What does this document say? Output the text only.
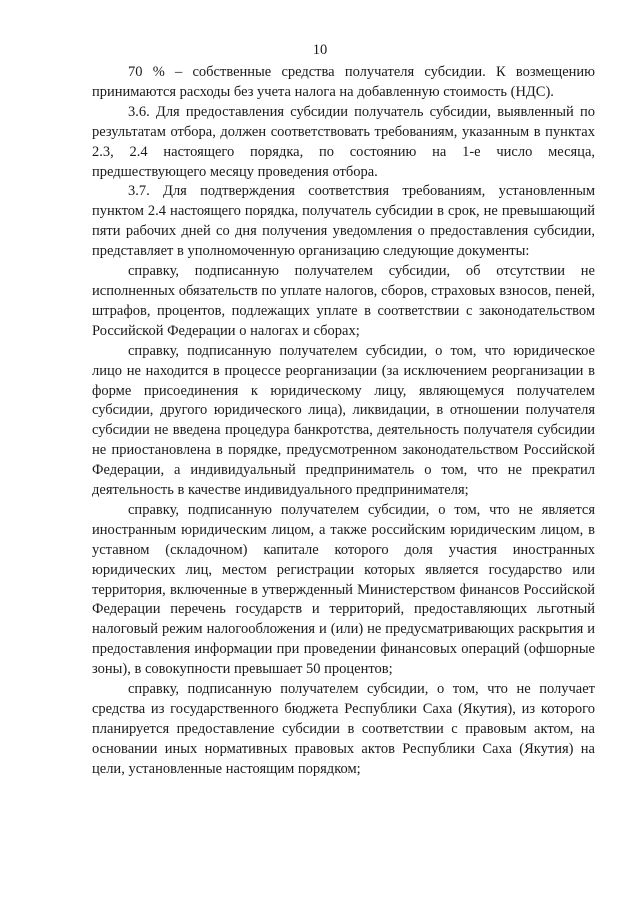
10

70 % – собственные средства получателя субсидии. К возмещению принимаются расходы без учета налога на добавленную стоимость (НДС).

3.6. Для предоставления субсидии получатель субсидии, выявленный по результатам отбора, должен соответствовать требованиям, указанным в пунктах 2.3, 2.4 настоящего порядка, по состоянию на 1-е число месяца, предшествующего месяцу проведения отбора.

3.7. Для подтверждения соответствия требованиям, установленным пунктом 2.4 настоящего порядка, получатель субсидии в срок, не превышающий пяти рабочих дней со дня получения уведомления о предоставления субсидии, представляет в уполномоченную организацию следующие документы:

справку, подписанную получателем субсидии, об отсутствии не исполненных обязательств по уплате налогов, сборов, страховых взносов, пеней, штрафов, процентов, подлежащих уплате в соответствии с законодательством Российской Федерации о налогах и сборах;

справку, подписанную получателем субсидии, о том, что юридическое лицо не находится в процессе реорганизации (за исключением реорганизации в форме присоединения к юридическому лицу, являющемуся получателем субсидии, другого юридического лица), ликвидации, в отношении получателя субсидии не введена процедура банкротства, деятельность получателя субсидии не приостановлена в порядке, предусмотренном законодательством Российской Федерации, а индивидуальный предприниматель о том, что не прекратил деятельность в качестве индивидуального предпринимателя;

справку, подписанную получателем субсидии, о том, что не является иностранным юридическим лицом, а также российским юридическим лицом, в уставном (складочном) капитале которого доля участия иностранных юридических лиц, местом регистрации которых является государство или территория, включенные в утвержденный Министерством финансов Российской Федерации перечень государств и территорий, предоставляющих льготный налоговый режим налогообложения и (или) не предусматривающих раскрытия и предоставления информации при проведении финансовых операций (офшорные зоны), в совокупности превышает 50 процентов;

справку, подписанную получателем субсидии, о том, что не получает средства из государственного бюджета Республики Саха (Якутия), из которого планируется предоставление субсидии в соответствии с правовым актом, на основании иных нормативных правовых актов Республики Саха (Якутия) на цели, установленные настоящим порядком;
